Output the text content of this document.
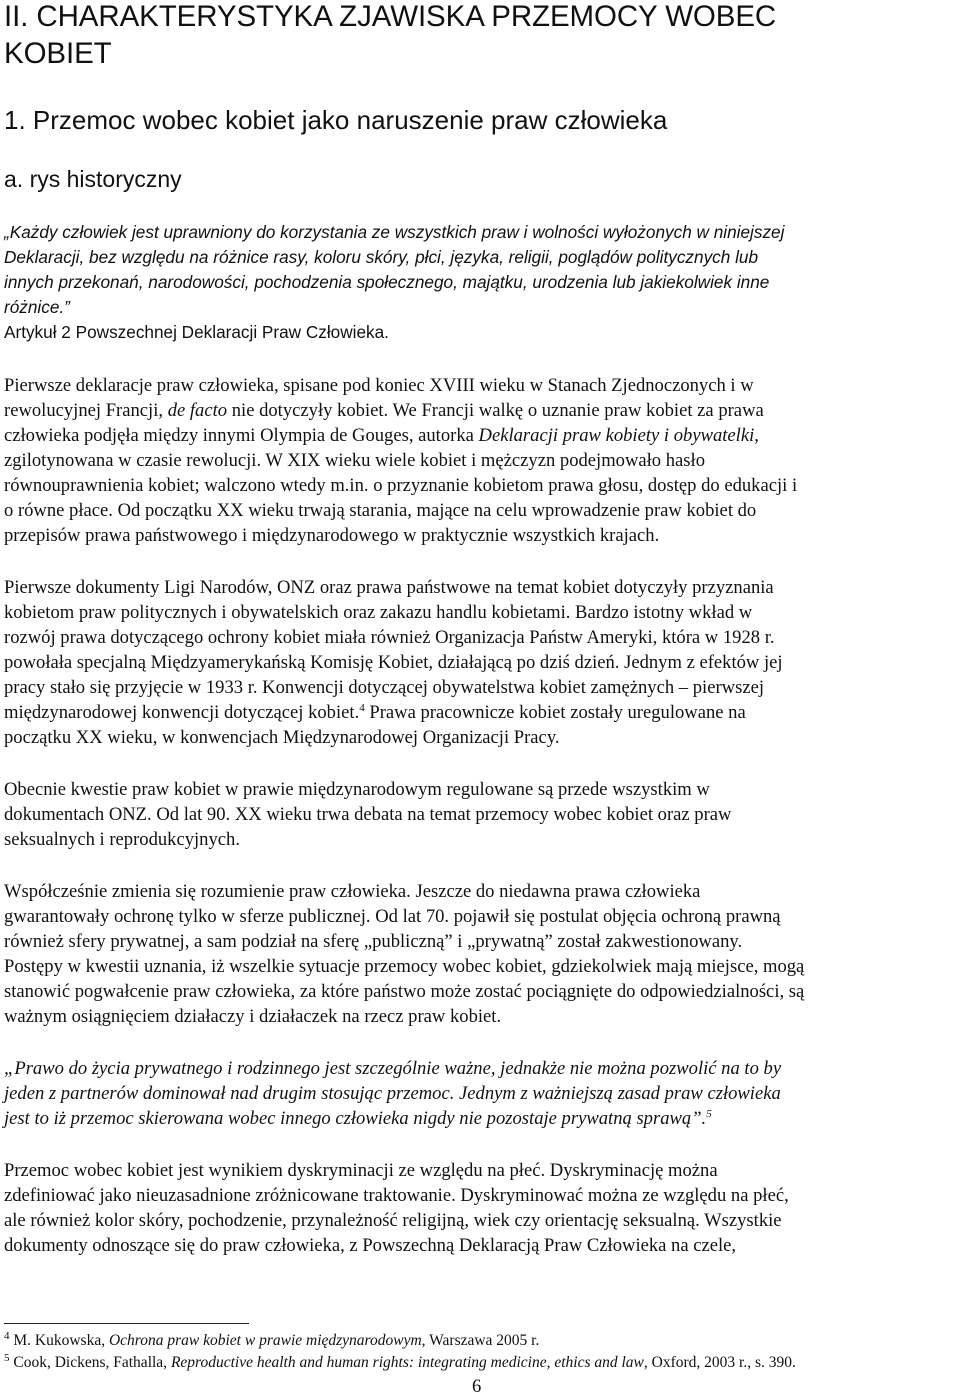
II. CHARAKTERYSTYKA ZJAWISKA PRZEMOCY WOBEC
KOBIET
1. Przemoc wobec kobiet jako naruszenie praw człowieka
a. rys historyczny
„Każdy człowiek jest uprawniony do korzystania ze wszystkich praw i wolności wyłożonych w niniejszej
Deklaracji, bez względu na różnice rasy, koloru skóry, płci, języka, religii, poglądów politycznych lub
innych przekonań, narodowości, pochodzenia społecznego, majątku, urodzenia lub jakiekolwiek inne
różnice.”
Artykuł 2 Powszechnej Deklaracji Praw Człowieka.
Pierwsze deklaracje praw człowieka, spisane pod koniec XVIII wieku w Stanach Zjednoczonych i w
rewolucyjnej Francji, de facto nie dotyczyły kobiet. We Francji walkę o uznanie praw kobiet za prawa
człowieka podjęła między innymi Olympia de Gouges, autorka Deklaracji praw kobiety i obywatelki,
zgilotynowana w czasie rewolucji. W XIX wieku wiele kobiet i mężczyzn podejmowało hasło
równouprawnienia kobiet; walczono wtedy m.in. o przyznanie kobietom prawa głosu, dostęp do edukacji i
o równe płace. Od początku XX wieku trwają starania, mające na celu wprowadzenie praw kobiet do
przepisów prawa państwowego i międzynarodowego w praktycznie wszystkich krajach.
Pierwsze dokumenty Ligi Narodów, ONZ oraz prawa państwowe na temat kobiet dotyczyły przyznania
kobietom praw politycznych i obywatelskich oraz zakazu handlu kobietami. Bardzo istotny wkład w
rozwój prawa dotyczącego ochrony kobiet miała również Organizacja Państw Ameryki, która w 1928 r.
powołała specjalną Międzyamerykańską Komisję Kobiet, działającą po dziś dzień. Jednym z efektów jej
pracy stało się przyjęcie w 1933 r. Konwencji dotyczącej obywatelstwa kobiet zamężnych – pierwszej
międzynarodowej konwencji dotyczącej kobiet.$^4$ Prawa pracownicze kobiet zostały uregulowane na
początku XX wieku, w konwencjach Międzynarodowej Organizacji Pracy.
Obecnie kwestie praw kobiet w prawie międzynarodowym regulowane są przede wszystkim w
dokumentach ONZ. Od lat 90. XX wieku trwa debata na temat przemocy wobec kobiet oraz praw
seksualnych i reprodukcyjnych.
Współcześnie zmienia się rozumienie praw człowieka. Jeszcze do niedawna prawa człowieka
gwarantowały ochronę tylko w sferze publicznej. Od lat 70. pojawił się postulat objęcia ochroną prawną
również sfery prywatnej, a sam podział na sferę „publiczną” i „prywatną” został zakwestionowany.
Postępy w kwestii uznania, iż wszelkie sytuacje przemocy wobec kobiet, gdziekolwiek mają miejsce, mogą
stanowić pogwałcenie praw człowieka, za które państwo może zostać pociągnięte do odpowiedzialności, są
ważnym osiągnięciem działaczy i działaczek na rzecz praw kobiet.
„Prawo do życia prywatnego i rodzinnego jest szczególnie ważne, jednakże nie można pozwolić na to by
jeden z partnerów dominował nad drugim stosując przemoc. Jednym z ważniejszą zasad praw człowieka
jest to iż przemoc skierowana wobec innego człowieka nigdy nie pozostaje prywatną sprawą”.$^5$
Przemoc wobec kobiet jest wynikiem dyskryminacji ze względu na płeć. Dyskryminację można
zdefiniować jako nieuzasadnione zróżnicowane traktowanie. Dyskryminować można ze względu na płeć,
ale również kolor skóry, pochodzenie, przynależność religijną, wiek czy orientację seksualną. Wszystkie
dokumenty odnoszące się do praw człowieka, z Powszechną Deklaracją Praw Człowieka na czele,
$^4$ M. Kukowska, Ochrona praw kobiet w prawie międzynarodowym, Warszawa 2005 r.
$^5$ Cook, Dickens, Fathalla, Reproductive health and human rights: integrating medicine, ethics and law, Oxford, 2003 r., s. 390.
6
